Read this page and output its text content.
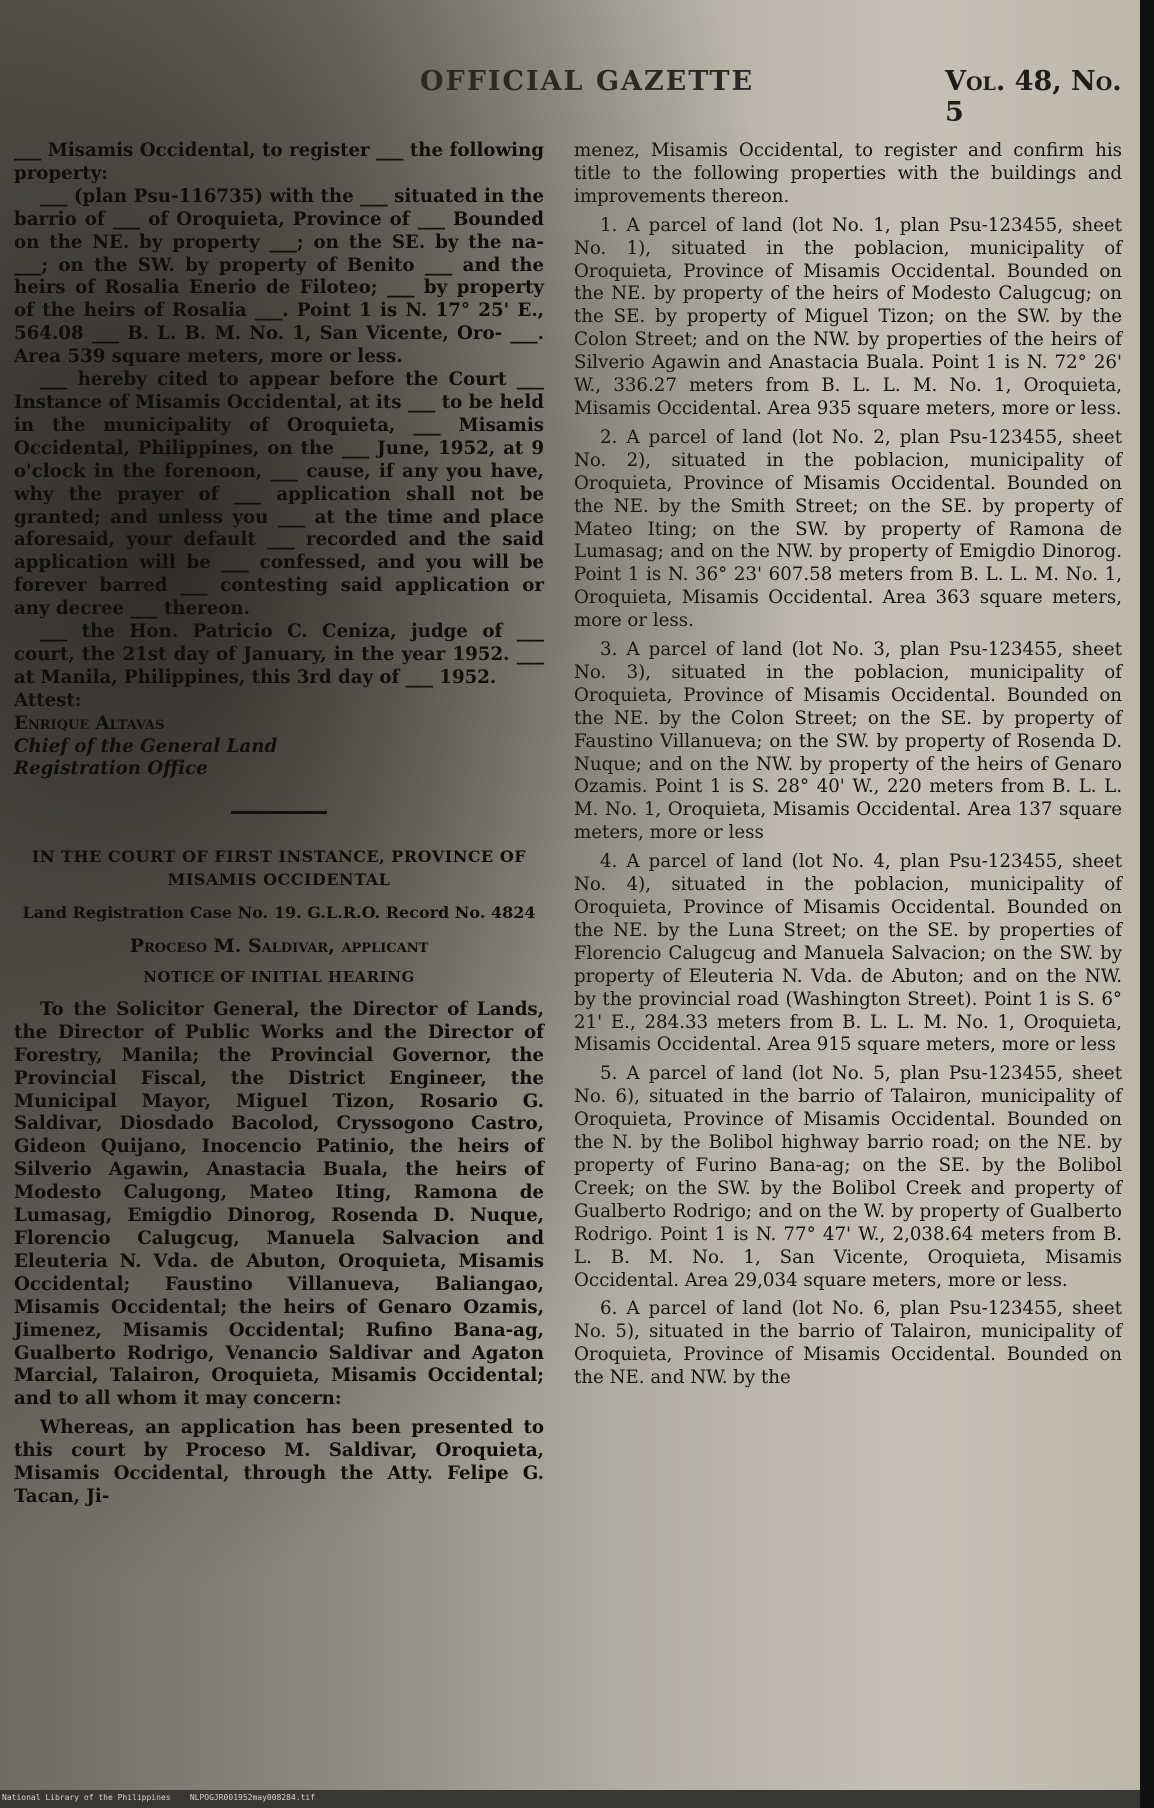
OFFICIAL GAZETTE	Vol. 48, No. 5

___ Misamis Occidental, to register ___ the following property:

___ (plan Psu-116735) with the ___ situated in the barrio of ___ of Oroquieta, Province of ___ Bounded on the NE. by property ___; on the SE. by the na- ___; on the SW. by property of Benito ___ and the heirs of Rosalia Enerio de Filoteo; ___ by property of the heirs of Rosalia ___. Point 1 is N. 17° 25' E., 564.08 ___ B. L. B. M. No. 1, San Vicente, Oro- ___. Area 539 square meters, more or less.

___ hereby cited to appear before the Court ___ Instance of Misamis Occidental, at its ___ to be held in the municipality of Oroquieta, ___ Misamis Occidental, Philippines, on the ___ June, 1952, at 9 o'clock in the forenoon, ___ cause, if any you have, why the prayer of ___ application shall not be granted; and unless you ___ at the time and place aforesaid, your default ___ recorded and the said application will be ___ confessed, and you will be forever barred ___ contesting said application or any decree ___ thereon.

___ the Hon. Patricio C. Ceniza, judge of ___ court, the 21st day of January, in the year 1952. ___ at Manila, Philippines, this 3rd day of ___ 1952.

Attest:

Enrique Altavas

Chief of the General Land

Registration Office

IN THE COURT OF FIRST INSTANCE, PROVINCE OF MISAMIS OCCIDENTAL

Land Registration Case No. 19. G.L.R.O. Record No. 4824

Proceso M. Saldivar, applicant

NOTICE OF INITIAL HEARING

To the Solicitor General, the Director of Lands, the Director of Public Works and the Director of Forestry, Manila; the Provincial Governor, the Provincial Fiscal, the District Engineer, the Municipal Mayor, Miguel Tizon, Rosario G. Saldivar, Diosdado Bacolod, Cryssogono Castro, Gideon Quijano, Inocencio Patinio, the heirs of Silverio Agawin, Anastacia Buala, the heirs of Modesto Calugong, Mateo Iting, Ramona de Lumasag, Emigdio Dinorog, Rosenda D. Nuque, Florencio Calugcug, Manuela Salvacion and Eleuteria N. Vda. de Abuton, Oroquieta, Misamis Occidental; Faustino Villanueva, Baliangao, Misamis Occidental; the heirs of Genaro Ozamis, Jimenez, Misamis Occidental; Rufino Bana-ag, Gualberto Rodrigo, Venancio Saldivar and Agaton Marcial, Talairon, Oroquieta, Misamis Occidental; and to all whom it may concern:

Whereas, an application has been presented to this court by Proceso M. Saldivar, Oroquieta, Misamis Occidental, through the Atty. Felipe G. Tacan, Ji-

menez, Misamis Occidental, to register and confirm his title to the following properties with the buildings and improvements thereon.

1. A parcel of land (lot No. 1, plan Psu-123455, sheet No. 1), situated in the poblacion, municipality of Oroquieta, Province of Misamis Occidental. Bounded on the NE. by property of the heirs of Modesto Calugcug; on the SE. by property of Miguel Tizon; on the SW. by the Colon Street; and on the NW. by properties of the heirs of Silverio Agawin and Anastacia Buala. Point 1 is N. 72° 26' W., 336.27 meters from B. L. L. M. No. 1, Oroquieta, Misamis Occidental. Area 935 square meters, more or less.

2. A parcel of land (lot No. 2, plan Psu-123455, sheet No. 2), situated in the poblacion, municipality of Oroquieta, Province of Misamis Occidental. Bounded on the NE. by the Smith Street; on the SE. by property of Mateo Iting; on the SW. by property of Ramona de Lumasag; and on the NW. by property of Emigdio Dinorog. Point 1 is N. 36° 23' 607.58 meters from B. L. L. M. No. 1, Oroquieta, Misamis Occidental. Area 363 square meters, more or less.

3. A parcel of land (lot No. 3, plan Psu-123455, sheet No. 3), situated in the poblacion, municipality of Oroquieta, Province of Misamis Occidental. Bounded on the NE. by the Colon Street; on the SE. by property of Faustino Villanueva; on the SW. by property of Rosenda D. Nuque; and on the NW. by property of the heirs of Genaro Ozamis. Point 1 is S. 28° 40' W., 220 meters from B. L. L. M. No. 1, Oroquieta, Misamis Occidental. Area 137 square meters, more or less

4. A parcel of land (lot No. 4, plan Psu-123455, sheet No. 4), situated in the poblacion, municipality of Oroquieta, Province of Misamis Occidental. Bounded on the NE. by the Luna Street; on the SE. by properties of Florencio Calugcug and Manuela Salvacion; on the SW. by property of Eleuteria N. Vda. de Abuton; and on the NW. by the provincial road (Washington Street). Point 1 is S. 6° 21' E., 284.33 meters from B. L. L. M. No. 1, Oroquieta, Misamis Occidental. Area 915 square meters, more or less

5. A parcel of land (lot No. 5, plan Psu-123455, sheet No. 6), situated in the barrio of Talairon, municipality of Oroquieta, Province of Misamis Occidental. Bounded on the N. by the Bolibol highway barrio road; on the NE. by property of Furino Bana-ag; on the SE. by the Bolibol Creek; on the SW. by the Bolibol Creek and property of Gualberto Rodrigo; and on the W. by property of Gualberto Rodrigo. Point 1 is N. 77° 47' W., 2,038.64 meters from B. L. B. M. No. 1, San Vicente, Oroquieta, Misamis Occidental. Area 29,034 square meters, more or less.

6. A parcel of land (lot No. 6, plan Psu-123455, sheet No. 5), situated in the barrio of Talairon, municipality of Oroquieta, Province of Misamis Occidental. Bounded on the NE. and NW. by the

National Library of the Philippines    NLPOGJR001952may008284.tif
